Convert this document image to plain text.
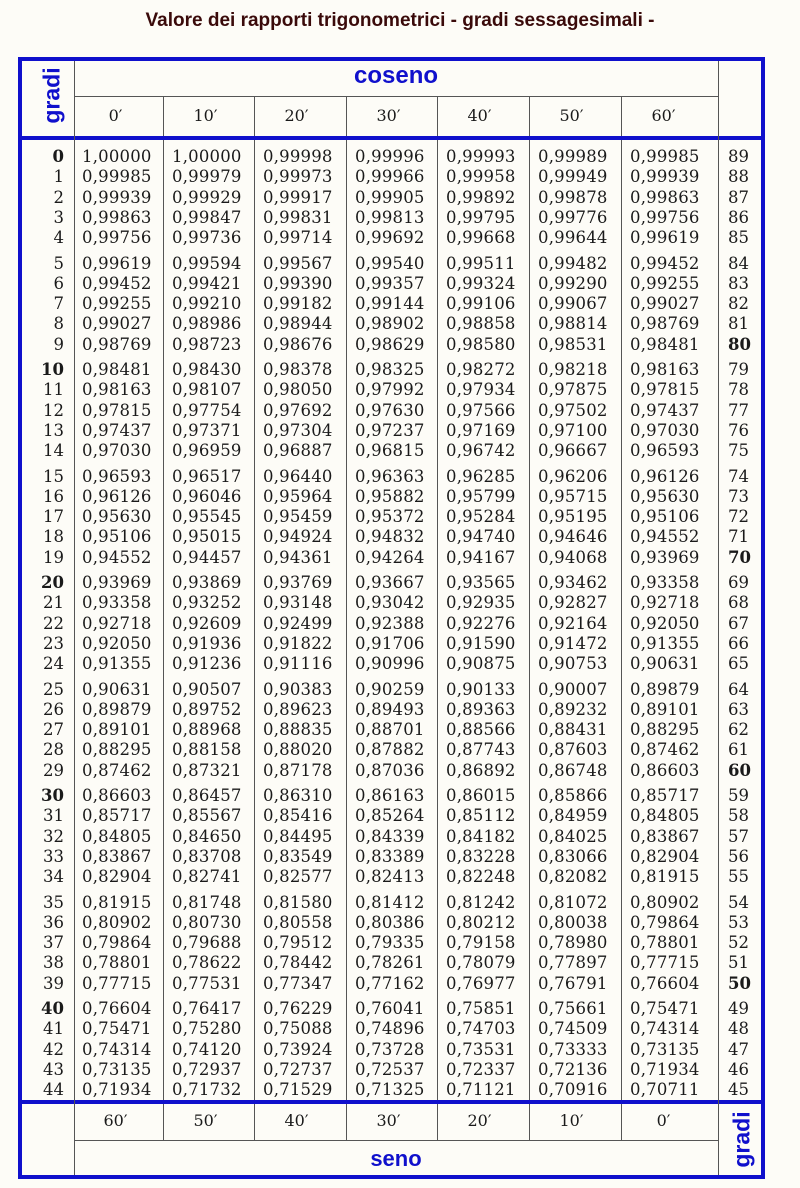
Valore dei rapporti trigonometrici - gradi sessagesimali -
coseno
seno
gradi
gradi
0′	10′	20′	30′	40′	50′	60′
60′	50′	40′	30′	20′	10′	0′
0 1,00000 1,00000 0,99998 0,99996 0,99993 0,99989 0,99985 89
1 0,99985 0,99979 0,99973 0,99966 0,99958 0,99949 0,99939 88
2 0,99939 0,99929 0,99917 0,99905 0,99892 0,99878 0,99863 87
3 0,99863 0,99847 0,99831 0,99813 0,99795 0,99776 0,99756 86
4 0,99756 0,99736 0,99714 0,99692 0,99668 0,99644 0,99619 85
5 0,99619 0,99594 0,99567 0,99540 0,99511 0,99482 0,99452 84
6 0,99452 0,99421 0,99390 0,99357 0,99324 0,99290 0,99255 83
7 0,99255 0,99210 0,99182 0,99144 0,99106 0,99067 0,99027 82
8 0,99027 0,98986 0,98944 0,98902 0,98858 0,98814 0,98769 81
9 0,98769 0,98723 0,98676 0,98629 0,98580 0,98531 0,98481 80
10 0,98481 0,98430 0,98378 0,98325 0,98272 0,98218 0,98163 79
11 0,98163 0,98107 0,98050 0,97992 0,97934 0,97875 0,97815 78
12 0,97815 0,97754 0,97692 0,97630 0,97566 0,97502 0,97437 77
13 0,97437 0,97371 0,97304 0,97237 0,97169 0,97100 0,97030 76
14 0,97030 0,96959 0,96887 0,96815 0,96742 0,96667 0,96593 75
15 0,96593 0,96517 0,96440 0,96363 0,96285 0,96206 0,96126 74
16 0,96126 0,96046 0,95964 0,95882 0,95799 0,95715 0,95630 73
17 0,95630 0,95545 0,95459 0,95372 0,95284 0,95195 0,95106 72
18 0,95106 0,95015 0,94924 0,94832 0,94740 0,94646 0,94552 71
19 0,94552 0,94457 0,94361 0,94264 0,94167 0,94068 0,93969 70
20 0,93969 0,93869 0,93769 0,93667 0,93565 0,93462 0,93358 69
21 0,93358 0,93252 0,93148 0,93042 0,92935 0,92827 0,92718 68
22 0,92718 0,92609 0,92499 0,92388 0,92276 0,92164 0,92050 67
23 0,92050 0,91936 0,91822 0,91706 0,91590 0,91472 0,91355 66
24 0,91355 0,91236 0,91116 0,90996 0,90875 0,90753 0,90631 65
25 0,90631 0,90507 0,90383 0,90259 0,90133 0,90007 0,89879 64
26 0,89879 0,89752 0,89623 0,89493 0,89363 0,89232 0,89101 63
27 0,89101 0,88968 0,88835 0,88701 0,88566 0,88431 0,88295 62
28 0,88295 0,88158 0,88020 0,87882 0,87743 0,87603 0,87462 61
29 0,87462 0,87321 0,87178 0,87036 0,86892 0,86748 0,86603 60
30 0,86603 0,86457 0,86310 0,86163 0,86015 0,85866 0,85717 59
31 0,85717 0,85567 0,85416 0,85264 0,85112 0,84959 0,84805 58
32 0,84805 0,84650 0,84495 0,84339 0,84182 0,84025 0,83867 57
33 0,83867 0,83708 0,83549 0,83389 0,83228 0,83066 0,82904 56
34 0,82904 0,82741 0,82577 0,82413 0,82248 0,82082 0,81915 55
35 0,81915 0,81748 0,81580 0,81412 0,81242 0,81072 0,80902 54
36 0,80902 0,80730 0,80558 0,80386 0,80212 0,80038 0,79864 53
37 0,79864 0,79688 0,79512 0,79335 0,79158 0,78980 0,78801 52
38 0,78801 0,78622 0,78442 0,78261 0,78079 0,77897 0,77715 51
39 0,77715 0,77531 0,77347 0,77162 0,76977 0,76791 0,76604 50
40 0,76604 0,76417 0,76229 0,76041 0,75851 0,75661 0,75471 49
41 0,75471 0,75280 0,75088 0,74896 0,74703 0,74509 0,74314 48
42 0,74314 0,74120 0,73924 0,73728 0,73531 0,73333 0,73135 47
43 0,73135 0,72937 0,72737 0,72537 0,72337 0,72136 0,71934 46
44 0,71934 0,71732 0,71529 0,71325 0,71121 0,70916 0,70711 45
